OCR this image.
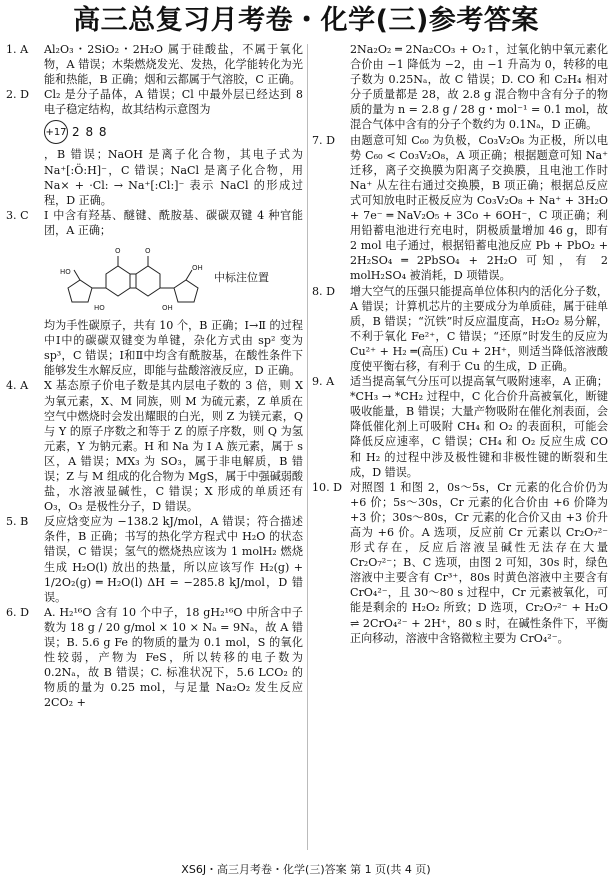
高三总复习月考卷・化学(三)参考答案
1. A	Al₂O₃・2SiO₂・2H₂O 属于硅酸盐，不属于氧化物，A 错误；木柴燃烧发光、发热，化学能转化为光能和热能，B 正确；烟和云都属于气溶胶，C 正确。

2. D	Cl₂ 是分子晶体，A 错误；Cl 中最外层已经达到 8 电子稳定结构，故其结构示意图为

+17 2 8 8

，B 错误；NaOH 是离子化合物，其电子式为 Na⁺[:Ö:H]⁻，C 错误；NaCl 是离子化合物，用 Na× + ·Cl: → Na⁺[:Cl:]⁻ 表示 NaCl 的形成过程，D 正确。

3. C	Ⅰ 中含有羟基、醚键、酰胺基、碳碳双键 4 种官能团，A 正确；

O	O
HO	OH
HO	OH
中标注位置

均为手性碳原子，共有 10 个，B 正确；Ⅰ→Ⅱ 的过程中Ⅰ中的碳碳双键变为单键，杂化方式由 sp² 变为 sp³，C 错误；Ⅰ和Ⅱ中均含有酰胺基，在酸性条件下能够发生水解反应，即能与盐酸溶液反应，D 正确。

4. A	X 基态原子价电子数是其内层电子数的 3 倍，则 X 为氧元素，X、M 同族，则 M 为硫元素，Z 单质在空气中燃烧时会发出耀眼的白光，则 Z 为镁元素，Q 与 Y 的原子序数之和等于 Z 的原子序数，则 Q 为氢元素，Y 为钠元素。H 和 Na 为 Ⅰ A 族元素，属于 s 区，A 错误；MX₃ 为 SO₃，属于非电解质，B 错误；Z 与 M 组成的化合物为 MgS，属于中强碱弱酸盐，水溶液显碱性，C 错误；X 形成的单质还有 O₃，O₃ 是极性分子，D 错误。

5. B	反应焓变应为 −138.2 kJ/mol，A 错误；符合描述条件，B 正确；书写的热化学方程式中 H₂O 的状态错误，C 错误；氢气的燃烧热应该为 1 molH₂ 燃烧生成 H₂O(l) 放出的热量，所以应该写作 H₂(g) + 1/2O₂(g) ═ H₂O(l) ΔH = −285.8 kJ/mol，D 错误。

6. D	A. H₂¹⁶O 含有 10 个中子，18 gH₂¹⁶O 中所含中子数为 18 g / 20 g/mol × 10 × Nₐ = 9Nₐ，故 A 错误；B. 5.6 g Fe 的物质的量为 0.1 mol，S 的氧化性较弱，产物为 FeS，所以转移的电子数为 0.2Nₐ，故 B 错误；C. 标准状况下，5.6 LCO₂ 的物质的量为 0.25 mol，与足量 Na₂O₂ 发生反应 2CO₂ +

2Na₂O₂ ═ 2Na₂CO₃ + O₂↑，过氧化钠中氧元素化合价由 −1 降低为 −2，由 −1 升高为 0，转移的电子数为 0.25Nₐ，故 C 错误；D. CO 和 C₂H₄ 相对分子质量都是 28，故 2.8 g 混合物中含有分子的物质的量为 n = 2.8 g / 28 g・mol⁻¹ = 0.1 mol，故混合气体中含有的分子个数约为 0.1Nₐ，D 正确。

7. D	由题意可知 C₆₀ 为负极，Co₃V₂O₈ 为正极，所以电势 C₆₀ < Co₃V₂O₈，A 项正确；根据题意可知 Na⁺ 迁移，离子交换膜为阳离子交换膜，且电池工作时 Na⁺ 从左往右通过交换膜，B 项正确；根据总反应式可知放电时正极反应为 Co₃V₂O₈ + Na⁺ + 3H₂O + 7e⁻ ═ NaV₂O₅ + 3Co + 6OH⁻，C 项正确；利用铅蓄电池进行充电时，阴极质量增加 46 g，即有 2 mol 电子通过，根据铅蓄电池反应 Pb + PbO₂ + 2H₂SO₄ ═ 2PbSO₄ + 2H₂O 可知，有 2 molH₂SO₄ 被消耗，D 项错误。

8. D	增大空气的压强只能提高单位体积内的活化分子数，A 错误；计算机芯片的主要成分为单质硅，属于硅单质，B 错误；“沉铁”时反应温度高，H₂O₂ 易分解，不利于氧化 Fe²⁺，C 错误；“还原”时发生的反应为 Cu²⁺ + H₂ ═(高压) Cu + 2H⁺，则适当降低溶液酸度使平衡右移，有利于 Cu 的生成，D 正确。

9. A	适当提高氧气分压可以提高氧气吸附速率，A 正确；*CH₃ → *CH₂ 过程中，C 化合价升高被氧化，断键吸收能量，B 错误；大量产物吸附在催化剂表面，会降低催化剂上可吸附 CH₄ 和 O₂ 的表面积，可能会降低反应速率，C 错误；CH₄ 和 O₂ 反应生成 CO 和 H₂ 的过程中涉及极性键和非极性键的断裂和生成，D 错误。

10. D 对照图 1 和图 2，0s～5s，Cr 元素的化合价仍为 +6 价；5s～30s，Cr 元素的化合价由 +6 价降为 +3 价；30s～80s，Cr 元素的化合价又由 +3 价升高为 +6 价。A 选项，反应前 Cr 元素以 Cr₂O₇²⁻ 形式存在，反应后溶液呈碱性无法存在大量 Cr₂O₇²⁻；B、C 选项，由图 2 可知，30s 时，绿色溶液中主要含有 Cr³⁺，80s 时黄色溶液中主要含有 CrO₄²⁻，且 30～80 s 过程中，Cr 元素被氧化，可能是剩余的 H₂O₂ 所致；D 选项，Cr₂O₇²⁻ + H₂O ⇌ 2CrO₄²⁻ + 2H⁺，80 s 时，在碱性条件下，平衡正向移动，溶液中含铬微粒主要为 CrO₄²⁻。

XS6J・高三月考卷・化学(三)答案 第 1 页(共 4 页)
